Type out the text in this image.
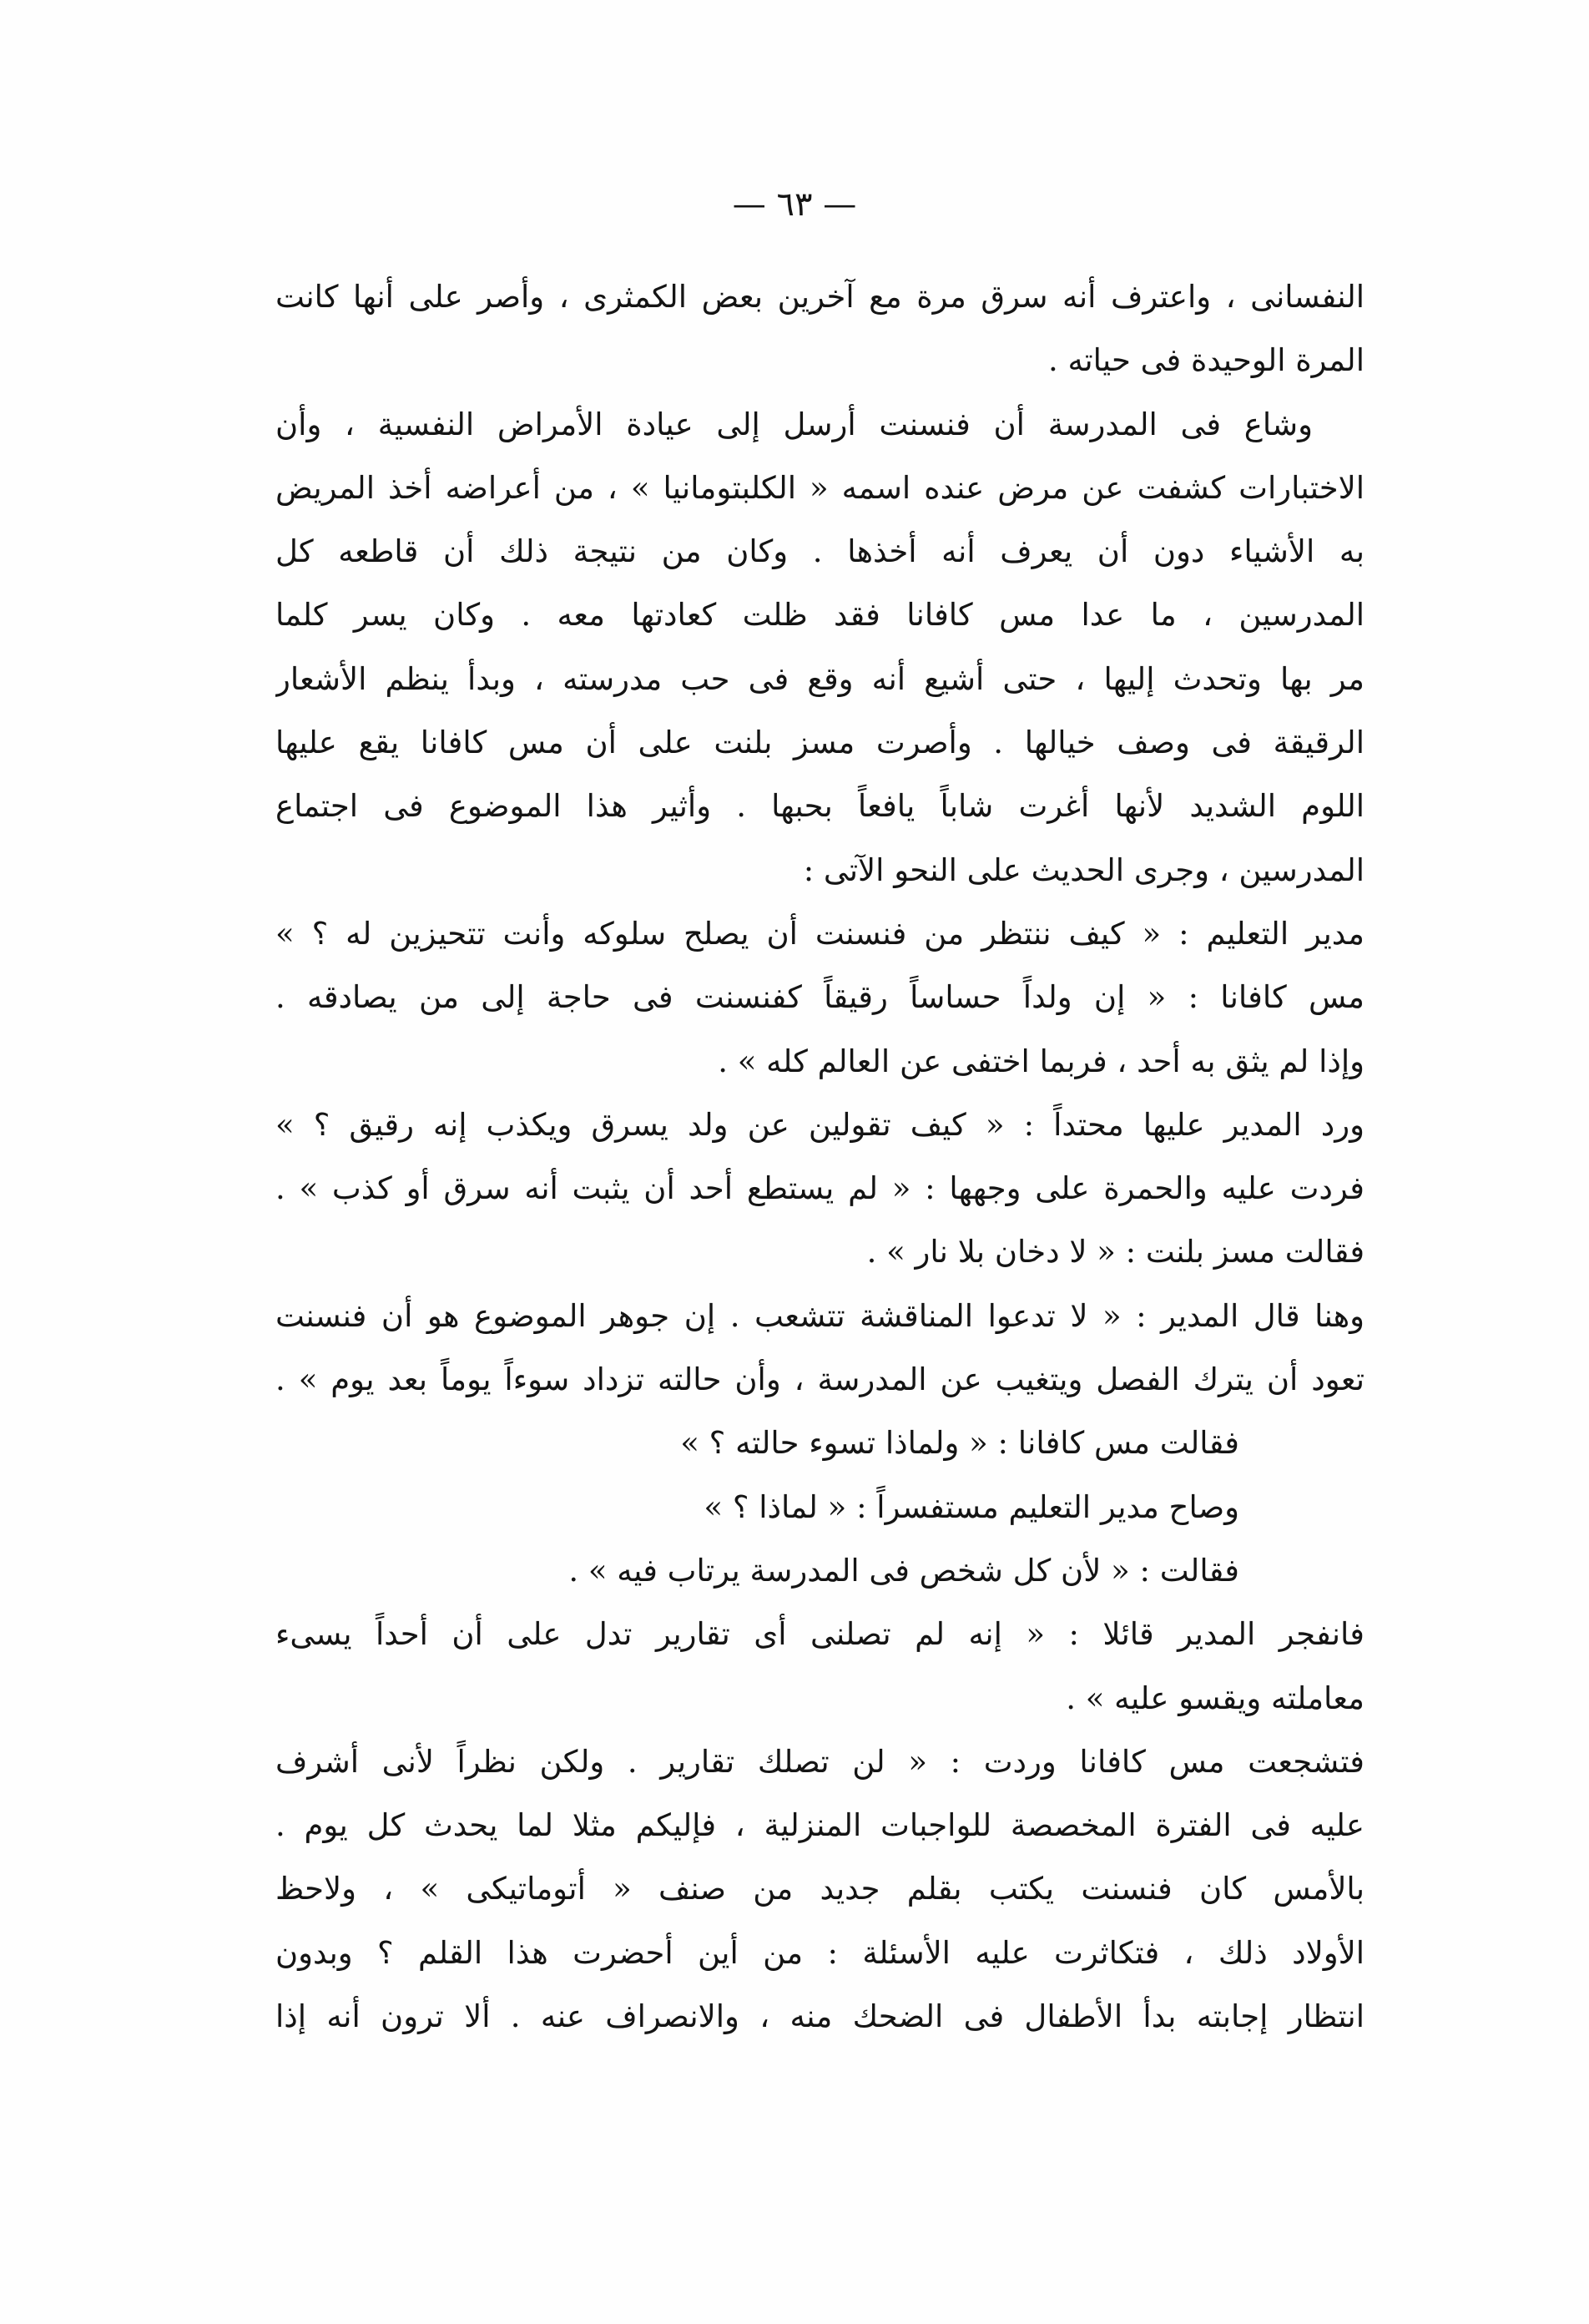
— ٦٣ —
النفسانى ، واعترف أنه سرق مرة مع آخرين بعض الكمثرى ، وأصر على أنها كانت
المرة الوحيدة فى حياته .
وشاع فى المدرسة أن فنسنت أرسل إلى عيادة الأمراض النفسية ، وأن
الاختبارات كشفت عن مرض عنده اسمه « الكلبتومانيا » ، من أعراضه أخذ المريض
به الأشياء دون أن يعرف أنه أخذها . وكان من نتيجة ذلك أن قاطعه كل
المدرسين ، ما عدا مس كافانا فقد ظلت كعادتها معه . وكان يسر كلما
مر بها وتحدث إليها ، حتى أشيع أنه وقع فى حب مدرسته ، وبدأ ينظم الأشعار
الرقيقة فى وصف خيالها . وأصرت مسز بلنت على أن مس كافانا يقع عليها
اللوم الشديد لأنها أغرت شاباً يافعاً بحبها . وأثير هذا الموضوع فى اجتماع
المدرسين ، وجرى الحديث على النحو الآتى :
مدير التعليم : « كيف ننتظر من فنسنت أن يصلح سلوكه وأنت تتحيزين له ؟ »
مس كافانا : « إن ولداً حساساً رقيقاً كفنسنت فى حاجة إلى من يصادقه .
وإذا لم يثق به أحد ، فربما اختفى عن العالم كله » .
ورد المدير عليها محتداً : « كيف تقولين عن ولد يسرق ويكذب إنه رقيق ؟ »
فردت عليه والحمرة على وجهها : « لم يستطع أحد أن يثبت أنه سرق أو كذب » .
فقالت مسز بلنت : « لا دخان بلا نار » .
وهنا قال المدير : « لا تدعوا المناقشة تتشعب . إن جوهر الموضوع هو أن فنسنت
تعود أن يترك الفصل ويتغيب عن المدرسة ، وأن حالته تزداد سوءاً يوماً بعد يوم » .
فقالت مس كافانا : « ولماذا تسوء حالته ؟ »
وصاح مدير التعليم مستفسراً : « لماذا ؟ »
فقالت : « لأن كل شخص فى المدرسة يرتاب فيه » .
فانفجر المدير قائلا : « إنه لم تصلنى أى تقارير تدل على أن أحداً يسىء
معاملته ويقسو عليه » .
فتشجعت مس كافانا وردت : « لن تصلك تقارير . ولكن نظراً لأنى أشرف
عليه فى الفترة المخصصة للواجبات المنزلية ، فإليكم مثلا لما يحدث كل يوم .
بالأمس كان فنسنت يكتب بقلم جديد من صنف « أتوماتيكى » ، ولاحظ
الأولاد ذلك ، فتكاثرت عليه الأسئلة : من أين أحضرت هذا القلم ؟ وبدون
انتظار إجابته بدأ الأطفال فى الضحك منه ، والانصراف عنه . ألا ترون أنه إذا
